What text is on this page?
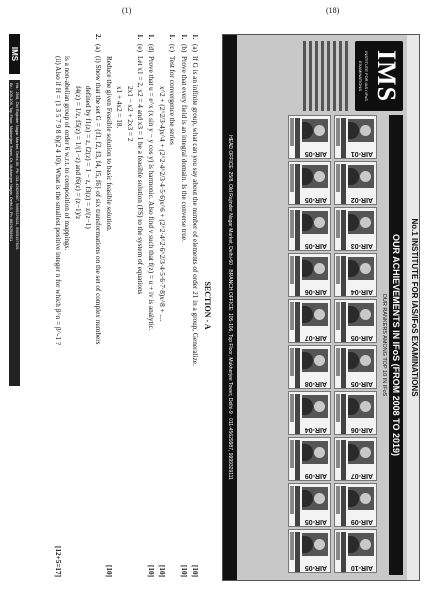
(1)	(18)
SECTION - A
1.
(a)
[10]
If G is an infinite group, what can you say about the number of elements of order 21 in a group, Generalize.
1.
(b)
[10]
Prove that every field is an integral domain. Is the converse true.
1.
(c)
Test for convergence the series
[10]
x^2 + (2^2/3·4)x^4 + (2^2·4^2/3·4·5·6)x^6 + (2^2·4^2·6^2/3·4·5·6·7·8)x^8 + ....
1.
(d)
[10]
Prove that u = e^x (x sin y − y cos y) is harmonic. Also find v such that f(z) = u + iv is analytic.
1.
(e)
Let x1 = 2, x2 = 4 and x3 = 1 be a feasible solution (FS) to the system of equations
2x1 − x2 + 2x3 = 2
x1 + 4x2 = 18.
[10]
Reduce the given Feasible solution to basic feasible solution.
2.
(a)
(i) Show that the set G = {f1, f2, f3, f4, f5, f6} of six transformations on the set of complex numbers
defined by f1(z) = z, f2(z) = 1 − z, f3(z) = z/(z−1)
f4(z) = 1/z, f5(z) = 1/(1−z) and f6(z) = (z−1)/z
is a non-abelian group of order 6 w.r.t. to composition of mappings.
[12+5=17]
(ii) Also if H = (1 3 5 7 9 8 6)(2 4 10). What is the smallest positive integer n for which β^n = β^-1 ?
IMS
Hd.: 25/8, Old Rajinder Nagar Market, Delhi-60. Ph: 011-45629987, 9999329111, 9999197625.
Br.: 105-106, Top Floor, Mukherjee Tower, Dr. Mukherjee Nagar, Delhi-9. Ph: 8826258601
No.1 INSTITUTE FOR IAS/IFoS EXAMINATIONS
IMS
INSTITUTE FOR IAS / IFoS EXAMINATIONS
OUR ACHIEVEMENTS IN IFoS (FROM 2008 TO 2019)
OUR RANKERS AMONG TOP 10 IN IFoS
AIR-01
AIR-02
AIR-03
AIR-04
AIR-05
AIR-05
AIR-06
AIR-07
AIR-09
AIR-10
AIR-05
AIR-05
AIR-05
AIR-06
AIR-07
AIR-08
AIR-04
AIR-09
AIR-05
AIR-05
HEAD OFFICE: 25/8, Old Rajinder Nagar Market, Delhi-60 · BRANCH OFFICE: 105-106, Top Floor, Mukherjee Tower, Delhi-9 · 011-45629987, 9999329111
